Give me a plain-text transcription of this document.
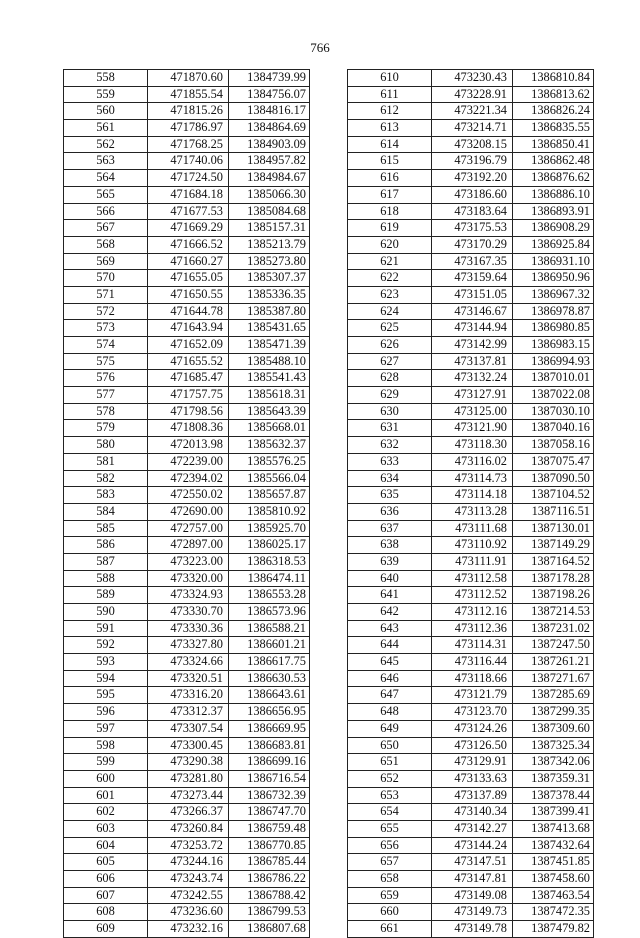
766
558	471870.60	1384739.99
559	471855.54	1384756.07
560	471815.26	1384816.17
561	471786.97	1384864.69
562	471768.25	1384903.09
563	471740.06	1384957.82
564	471724.50	1384984.67
565	471684.18	1385066.30
566	471677.53	1385084.68
567	471669.29	1385157.31
568	471666.52	1385213.79
569	471660.27	1385273.80
570	471655.05	1385307.37
571	471650.55	1385336.35
572	471644.78	1385387.80
573	471643.94	1385431.65
574	471652.09	1385471.39
575	471655.52	1385488.10
576	471685.47	1385541.43
577	471757.75	1385618.31
578	471798.56	1385643.39
579	471808.36	1385668.01
580	472013.98	1385632.37
581	472239.00	1385576.25
582	472394.02	1385566.04
583	472550.02	1385657.87
584	472690.00	1385810.92
585	472757.00	1385925.70
586	472897.00	1386025.17
587	473223.00	1386318.53
588	473320.00	1386474.11
589	473324.93	1386553.28
590	473330.70	1386573.96
591	473330.36	1386588.21
592	473327.80	1386601.21
593	473324.66	1386617.75
594	473320.51	1386630.53
595	473316.20	1386643.61
596	473312.37	1386656.95
597	473307.54	1386669.95
598	473300.45	1386683.81
599	473290.38	1386699.16
600	473281.80	1386716.54
601	473273.44	1386732.39
602	473266.37	1386747.70
603	473260.84	1386759.48
604	473253.72	1386770.85
605	473244.16	1386785.44
606	473243.74	1386786.22
607	473242.55	1386788.42
608	473236.60	1386799.53
609	473232.16	1386807.68
610	473230.43	1386810.84
611	473228.91	1386813.62
612	473221.34	1386826.24
613	473214.71	1386835.55
614	473208.15	1386850.41
615	473196.79	1386862.48
616	473192.20	1386876.62
617	473186.60	1386886.10
618	473183.64	1386893.91
619	473175.53	1386908.29
620	473170.29	1386925.84
621	473167.35	1386931.10
622	473159.64	1386950.96
623	473151.05	1386967.32
624	473146.67	1386978.87
625	473144.94	1386980.85
626	473142.99	1386983.15
627	473137.81	1386994.93
628	473132.24	1387010.01
629	473127.91	1387022.08
630	473125.00	1387030.10
631	473121.90	1387040.16
632	473118.30	1387058.16
633	473116.02	1387075.47
634	473114.73	1387090.50
635	473114.18	1387104.52
636	473113.28	1387116.51
637	473111.68	1387130.01
638	473110.92	1387149.29
639	473111.91	1387164.52
640	473112.58	1387178.28
641	473112.52	1387198.26
642	473112.16	1387214.53
643	473112.36	1387231.02
644	473114.31	1387247.50
645	473116.44	1387261.21
646	473118.66	1387271.67
647	473121.79	1387285.69
648	473123.70	1387299.35
649	473124.26	1387309.60
650	473126.50	1387325.34
651	473129.91	1387342.06
652	473133.63	1387359.31
653	473137.89	1387378.44
654	473140.34	1387399.41
655	473142.27	1387413.68
656	473144.24	1387432.64
657	473147.51	1387451.85
658	473147.81	1387458.60
659	473149.08	1387463.54
660	473149.73	1387472.35
661	473149.78	1387479.82
